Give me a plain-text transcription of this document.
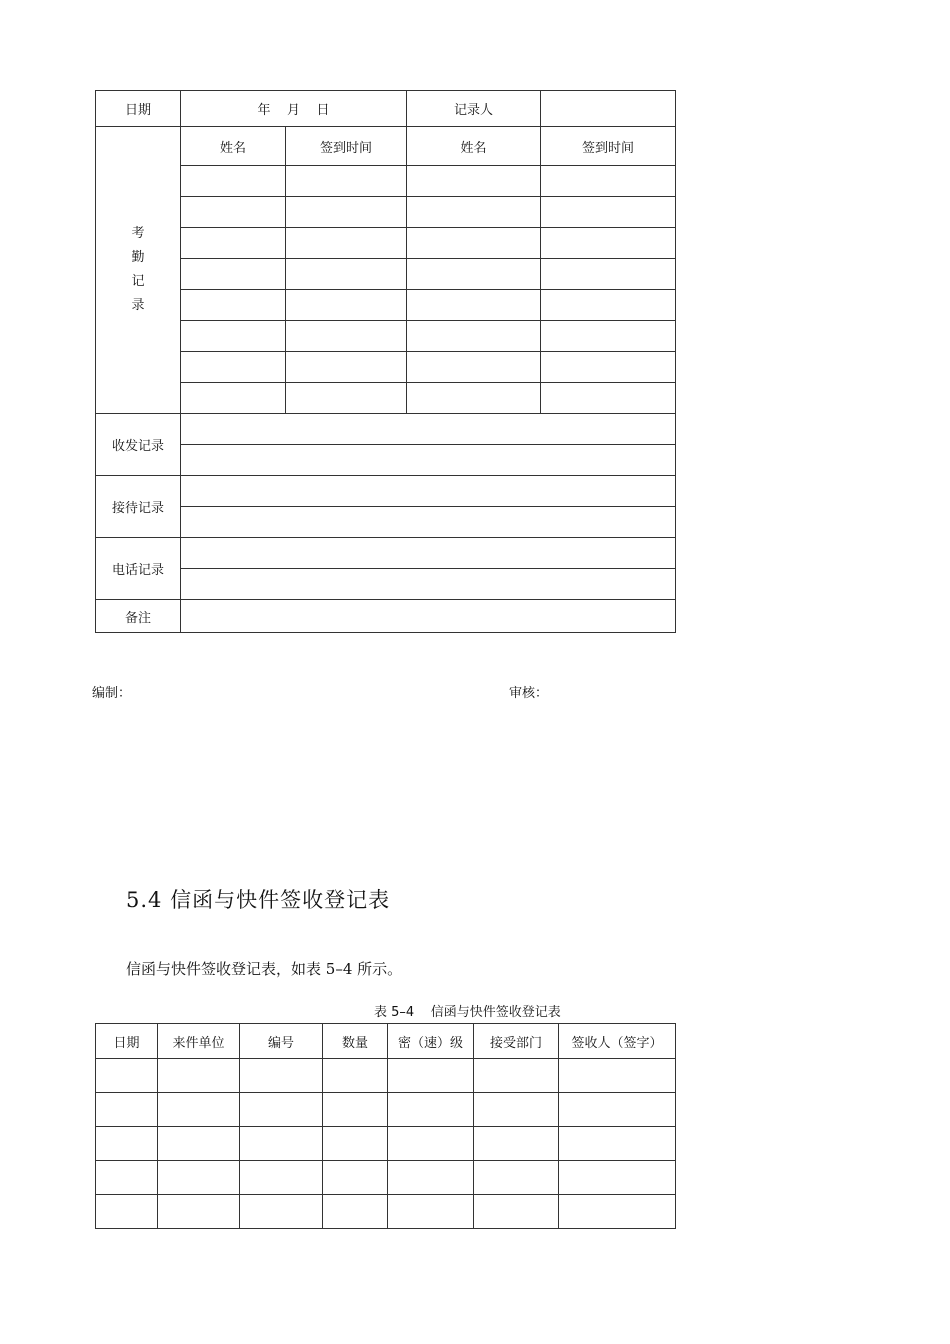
日期	年    月    日		记录人	

考
勤
记
录	姓名	签到时间	姓名	签到时间

收发记录				

接待记录				

电话记录				

备注				
编制：	审核：
5.4 信函与快件签收登记表

信函与快件签收登记表，如表 5–4 所示。

表 5–4    信函与快件签收登记表
日期	来件单位	编号	数量	密（速）级	接受部门	签收人（签字）
